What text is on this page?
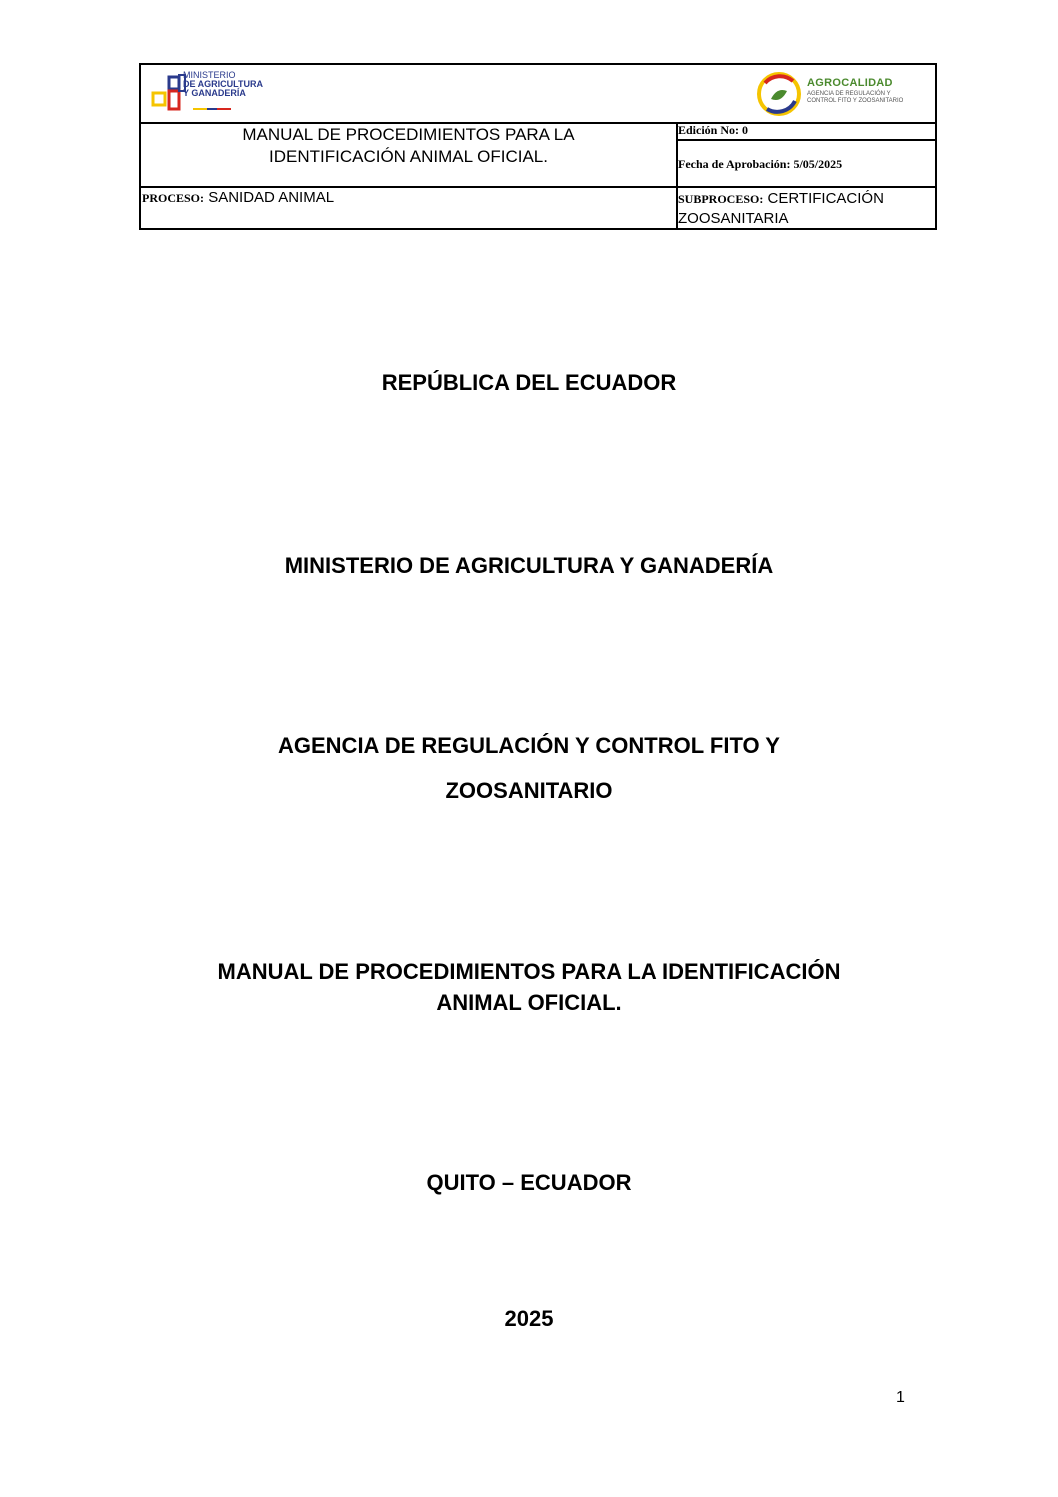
MINISTERIO
DE AGRICULTURA
Y GANADERÍA
AGROCALIDAD
AGENCIA DE REGULACIÓN Y CONTROL FITO Y ZOOSANITARIO
MANUAL DE PROCEDIMIENTOS PARA LA
IDENTIFICACIÓN ANIMAL OFICIAL.
Edición No: 0
Fecha de Aprobación: 5/05/2025
PROCESO: SANIDAD ANIMAL	SUBPROCESO: CERTIFICACIÓN ZOOSANITARIA
REPÚBLICA DEL ECUADOR
MINISTERIO DE AGRICULTURA Y GANADERÍA
AGENCIA DE REGULACIÓN Y CONTROL FITO Y
ZOOSANITARIO
MANUAL DE PROCEDIMIENTOS PARA LA IDENTIFICACIÓN
ANIMAL OFICIAL.
QUITO – ECUADOR
2025
1
